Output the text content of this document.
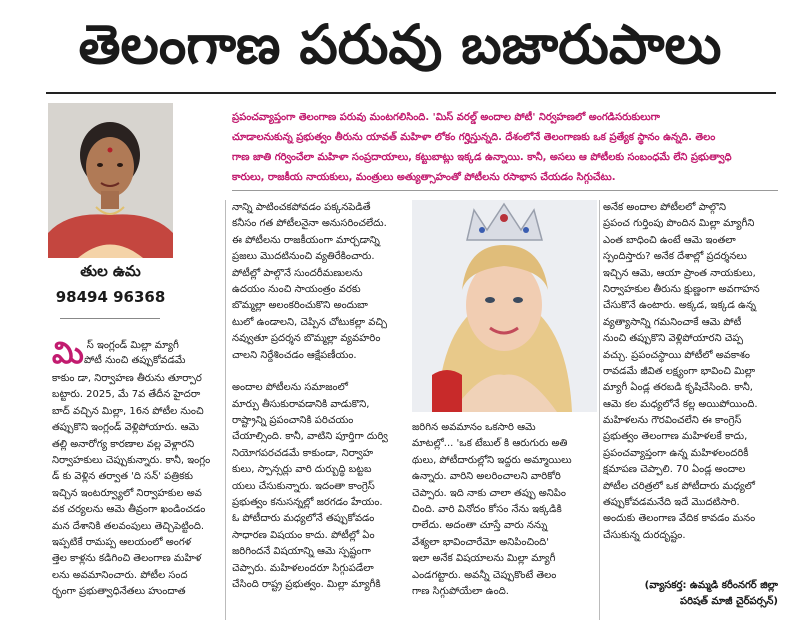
తెలంగాణ పరువు బజారుపాలు
తుల ఉమ
98494 96368
ప్రపంచవ్యాప్తంగా తెలంగాణ పరువు మంటగలిసింది. 'మిస్ వరల్డ్ అందాల పోటీ' నిర్వహణలో అంగడిసరుకులుగా
చూడాలనుకున్న ప్రభుత్వం తీరును యావత్ మహిళా లోకం గర్హిస్తున్నది. దేశంలోనే తెలంగాణకు ఒక ప్రత్యేక స్థానం ఉన్నది. తెలం
గాణ జాతి గర్వించేలా మహిళా సంప్రదాయాలు, కట్టుబాట్లు ఇక్కడ ఉన్నాయి. కానీ, అసలు ఆ పోటీలకు సంబంధమే లేని ప్రభుత్వాధి
కారులు, రాజకీయ నాయకులు, మంత్రులు అత్యుత్సాహంతో పోటీలను రసాభాస చేయడం సిగ్గుచేటు.
మిస్ ఇంగ్లండ్ మిల్లా మ్యాగీ
కాకుం డా, నిర్వాహణ తీరును తూర్పార
బట్టారు. 2025, మే 7వ తేదీన హైదరా
బాద్ వచ్చిన మిల్లా, 16న పోటీల నుంచి
తప్పుకొని ఇంగ్లండ్ వెళ్లిపోయారు. ఆమె
తల్లి అనారోగ్య కారణాల వల్ల వెళ్లారని
నిర్వాహకులు చెప్పుకున్నారు. కానీ, ఇంగ్లం
డ్ కు వెళ్లిన తర్వాత 'ది సన్' పత్రికకు
ఇచ్చిన ఇంటర్వ్యూలో నిర్వాహకుల అవ
వక చర్యలను ఆమె తీవ్రంగా ఖండించడం
మన దేశానికి తలవంపులు తెచ్చిపెట్టింది.
ఇప్పటికే రామప్ప ఆలయంలో అంగళ
త్తెల కాళ్లను కడిగించి తెలంగాణ మహిళ
లను అవమానించారు. పోటీల సంద
ర్భంగా ప్రభుత్వాధినేతలు హుందాత
పోటీ నుంచి తప్పుకోవడమే
నాన్ని పాటించకపోవడం పక్కనపెడితే
కనీసం గత పోటీలనైనా అనుసరించలేదు.
ఈ పోటీలను రాజకీయంగా మార్చడాన్ని
ప్రజలు మొదటినుంచి వ్యతిరేకించారు.
పోటీల్లో పాల్గొనే సుందరీమణులను
ఉదయం నుంచి సాయంత్రం వరకు
బొమ్మల్లా అలంకరించుకొని అందుబా
టులో ఉండాలని, చెప్పిన చోటుకల్లా వచ్చి
నవ్వుతూ ప్రదర్శన బొమ్మల్లా వ్యవహరిం
చాలని నిర్దేశించడం ఆక్షేపణీయం.
అందాల పోటీలను సమాజంలో
మార్పు తీసుకురావడానికి వాడుకొని,
రాష్ట్రాన్ని ప్రపంచానికి పరిచయం
చేయాల్సింది. కానీ, వాటిని పూర్తిగా దుర్వి
నియోగపరచడమే కాకుండా, నిర్వాహ
కులు, స్పాన్సర్లు వారి దుర్బుద్ధి బట్టబ
యలు చేసుకున్నారు. ఇదంతా కాంగ్రెస్
ప్రభుత్వం కనుసన్నల్లో జరగడం హేయం.
ఓ పోటీదారు మధ్యలోనే తప్పుకోవడం
సాధారణ విషయం కాదు. పోటీల్లో ఏం
జరిగిందనే విషయాన్ని ఆమె స్పష్టంగా
చెప్పారు. మహిళలందరూ సిగ్గుపడేలా
చేసింది రాష్ట్ర ప్రభుత్వం. మిల్లా మ్యాగీకి
జరిగిన అవమానం ఒకసారి ఆమె
మాటల్లో... 'ఒక టేబుల్ కి ఆరుగురు అతి
థులు, పోటీదారుల్లోని ఇద్దరు అమ్మాయిలు
ఉన్నారు. వారిని అలరించాలని వారికోరి
చెప్పారు. ఇది నాకు చాలా తప్పు అనిపిం
చింది. వారి వినోదం కోసం నేను ఇక్కడికి
రాలేదు. అదంతా చూస్తే వారు నన్ను
వేశ్యలా భావించారేమో అనిపించింది'
ఇలా అనేక విషయాలను మిల్లా మ్యాగీ
ఎండగట్టారు. అవన్నీ చెప్పుకొంటే తెలం
గాణ సిగ్గుపోయేలా ఉంది.
అనేక అందాల పోటీలలో పాల్గొని
ప్రపంచ గుర్తింపు పొందిన మిల్లా మ్యాగీని
ఎంత బాధించి ఉంటే ఆమె ఇంతలా
స్పందిస్తారు? అనేక దేశాల్లో ప్రదర్శనలు
ఇచ్చిన ఆమె, ఆయా ప్రాంత నాయకులు,
నిర్వాహకుల తీరును క్షుణ్ణంగా అవగాహన
చేసుకొనే ఉంటారు. అక్కడ, ఇక్కడ ఉన్న
వ్యత్యాసాన్ని గమనించాకే ఆమె పోటీ
నుంచి తప్పుకొని వెళ్లిపోయారని చెప్ప
వచ్చు. ప్రపంచస్థాయి పోటీలో అవకాశం
రావడమే జీవిత లక్ష్యంగా భావించి మిల్లా
మ్యాగీ ఏండ్ల తరబడి కృషిచేసింది. కానీ,
ఆమె కల మధ్యలోనే కల్ల అయిపోయింది.
మహిళలను గౌరవించలేని ఈ కాంగ్రెస్
ప్రభుత్వం తెలంగాణ మహిళలకే కాదు,
ప్రపంచవ్యాప్తంగా ఉన్న మహిళలందరికీ
క్షమాపణ చెప్పాలి. 70 ఏండ్ల అందాల
పోటీల చరిత్రలో ఒక పోటీదారు మధ్యలో
తప్పుకోవడమనేది ఇదే మొదటిసారి.
అందుకు తెలంగాణ వేదిక కావడం మనం
చేసుకున్న దురదృష్టం.
(వ్యాసకర్త: ఉమ్మడి కరీంనగర్ జిల్లా
పరిషత్ మాజీ చైర్‌పర్సన్)
